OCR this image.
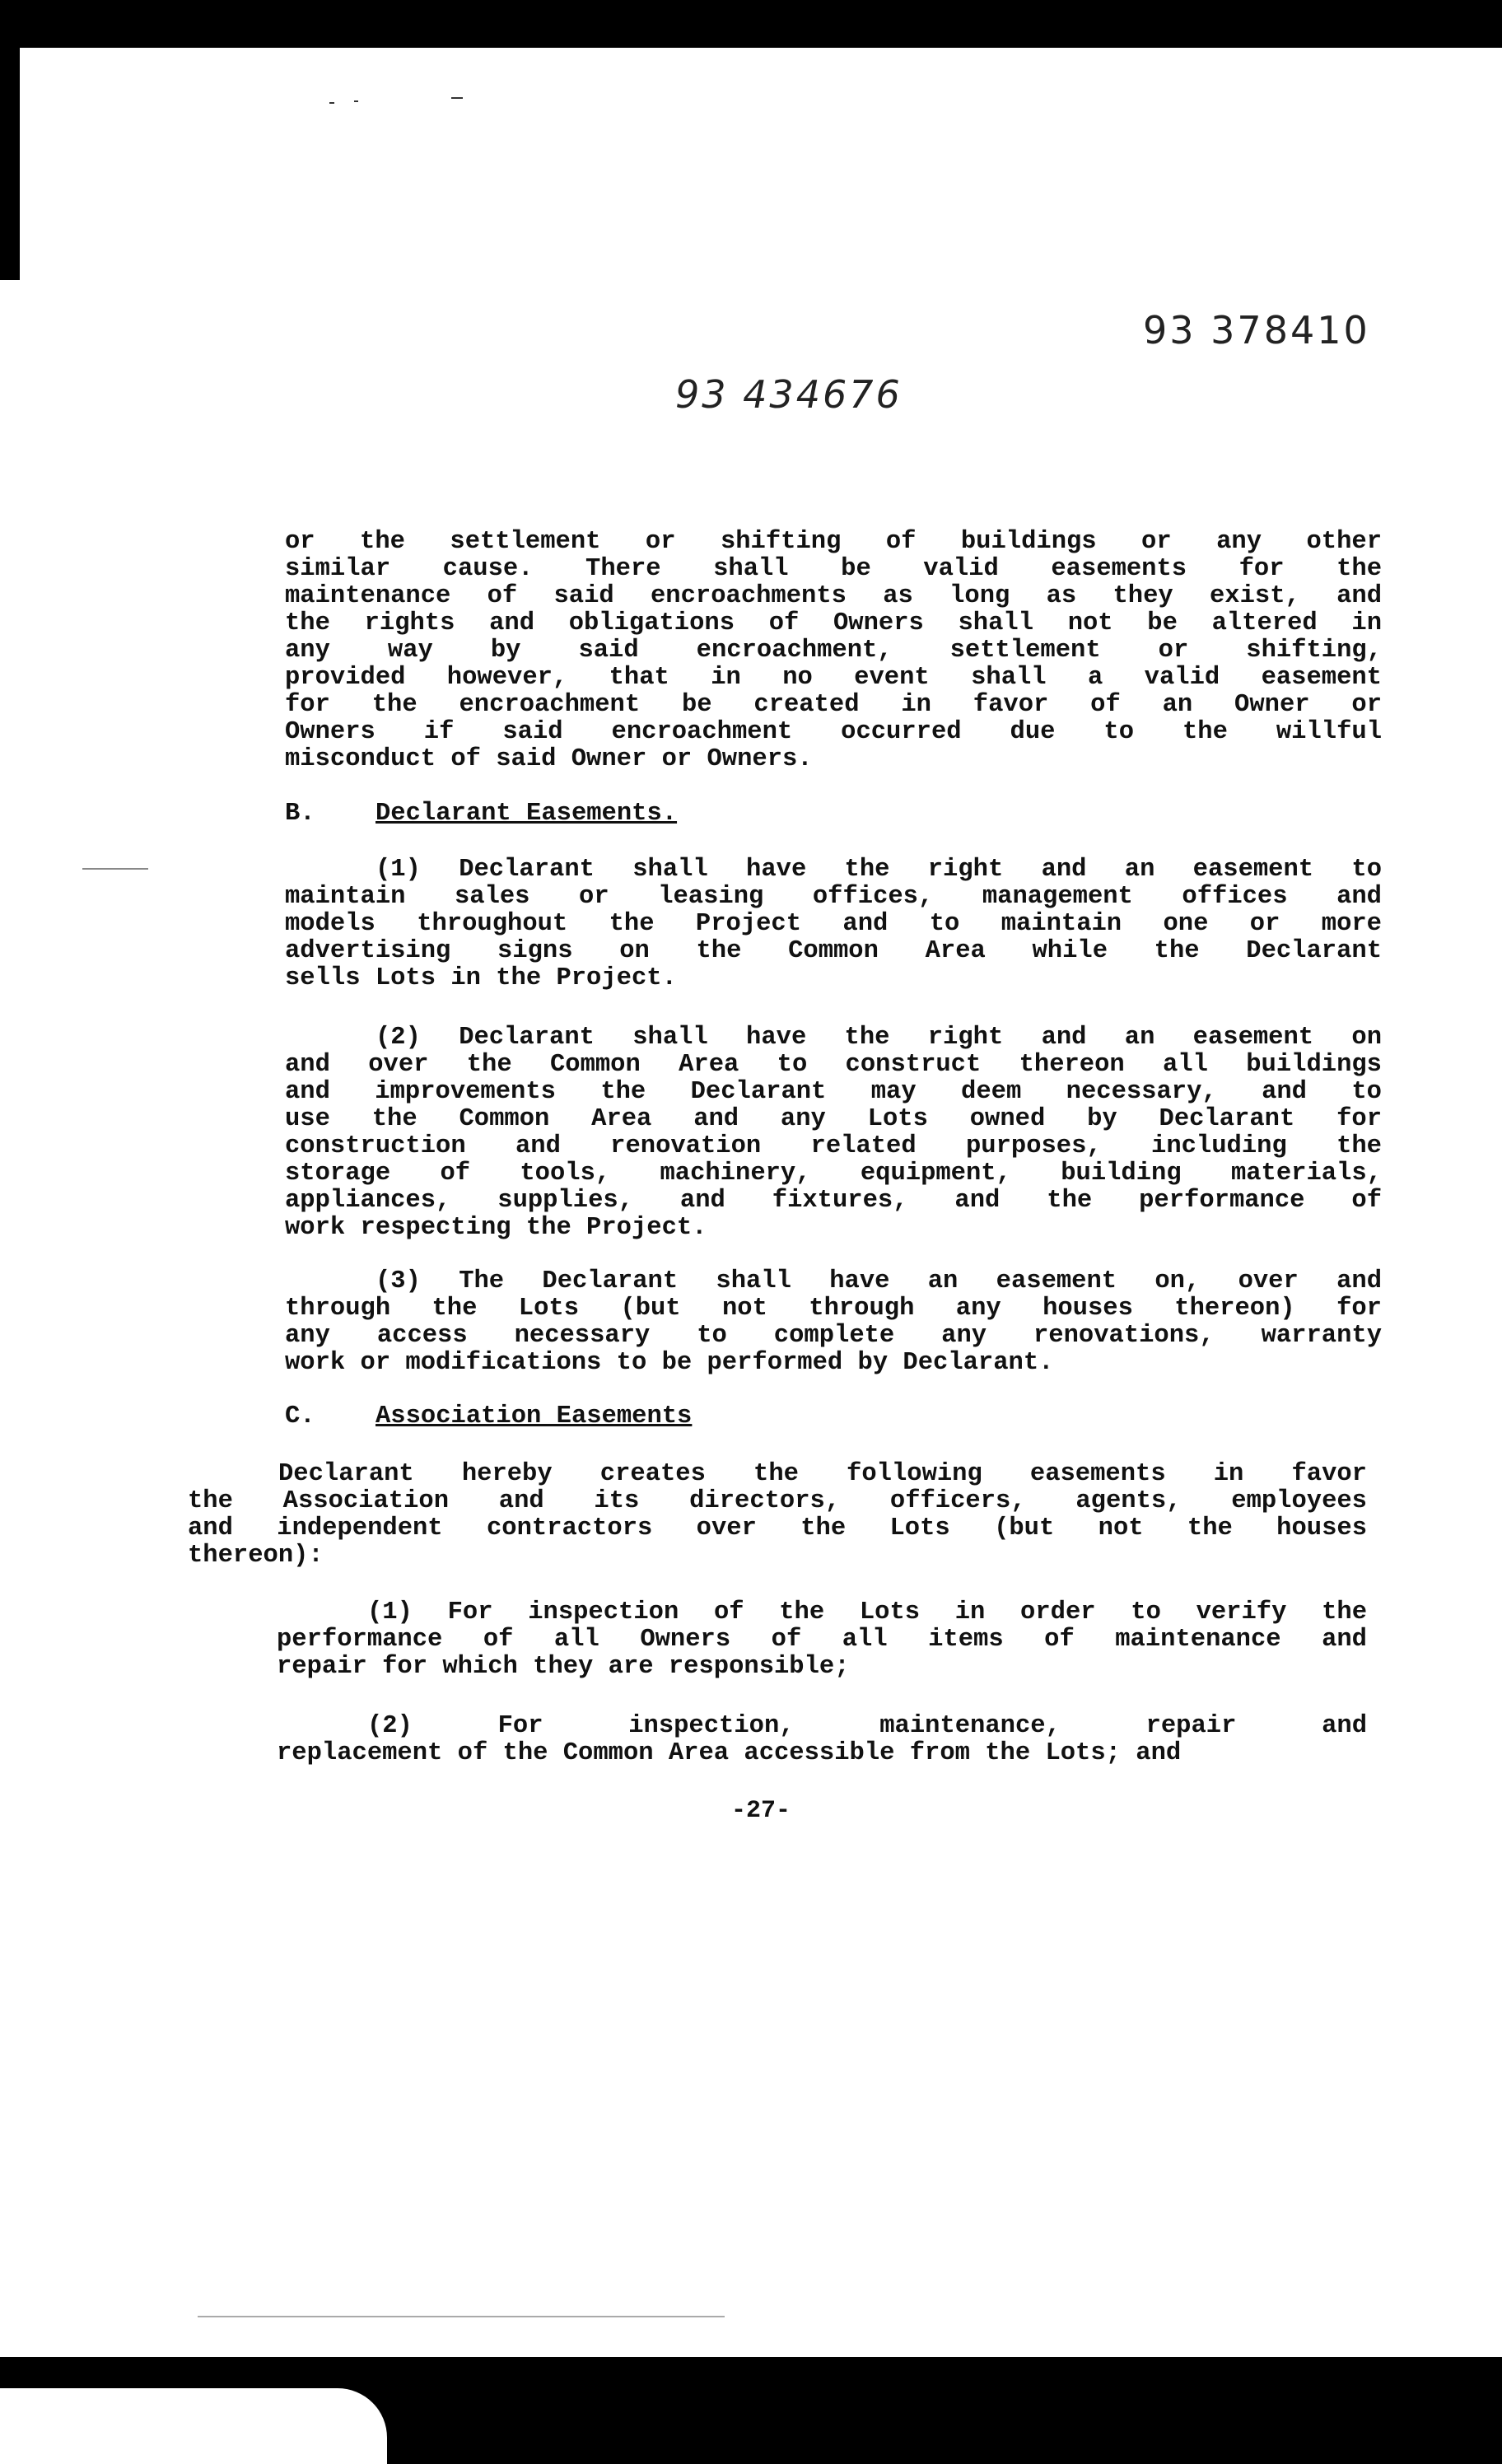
93 378410
93 434676
or the settlement or shifting of buildings or any other
similar cause. There shall be valid easements for the
maintenance of said encroachments as long as they exist, and
the rights and obligations of Owners shall not be altered in
any way by said encroachment, settlement or shifting,
provided however, that in no event shall a valid easement
for the encroachment be created in favor of an Owner or
Owners if said encroachment occurred due to the willful
misconduct of said Owner or Owners.
B. Declarant Easements.
(1) Declarant shall have the right and an easement to
maintain sales or leasing offices, management offices and
models throughout the Project and to maintain one or more
advertising signs on the Common Area while the Declarant
sells Lots in the Project.
(2) Declarant shall have the right and an easement on
and over the Common Area to construct thereon all buildings
and improvements the Declarant may deem necessary, and to
use the Common Area and any Lots owned by Declarant for
construction and renovation related purposes, including the
storage of tools, machinery, equipment, building materials,
appliances, supplies, and fixtures, and the performance of
work respecting the Project.
(3) The Declarant shall have an easement on, over and
through the Lots (but not through any houses thereon) for
any access necessary to complete any renovations, warranty
work or modifications to be performed by Declarant.
C. Association Easements
Declarant hereby creates the following easements in favor
the Association and its directors, officers, agents, employees
and independent contractors over the Lots (but not the houses
thereon):
(1) For inspection of the Lots in order to verify the
performance of all Owners of all items of maintenance and
repair for which they are responsible;
(2) For inspection, maintenance, repair and
replacement of the Common Area accessible from the Lots; and
-27-
